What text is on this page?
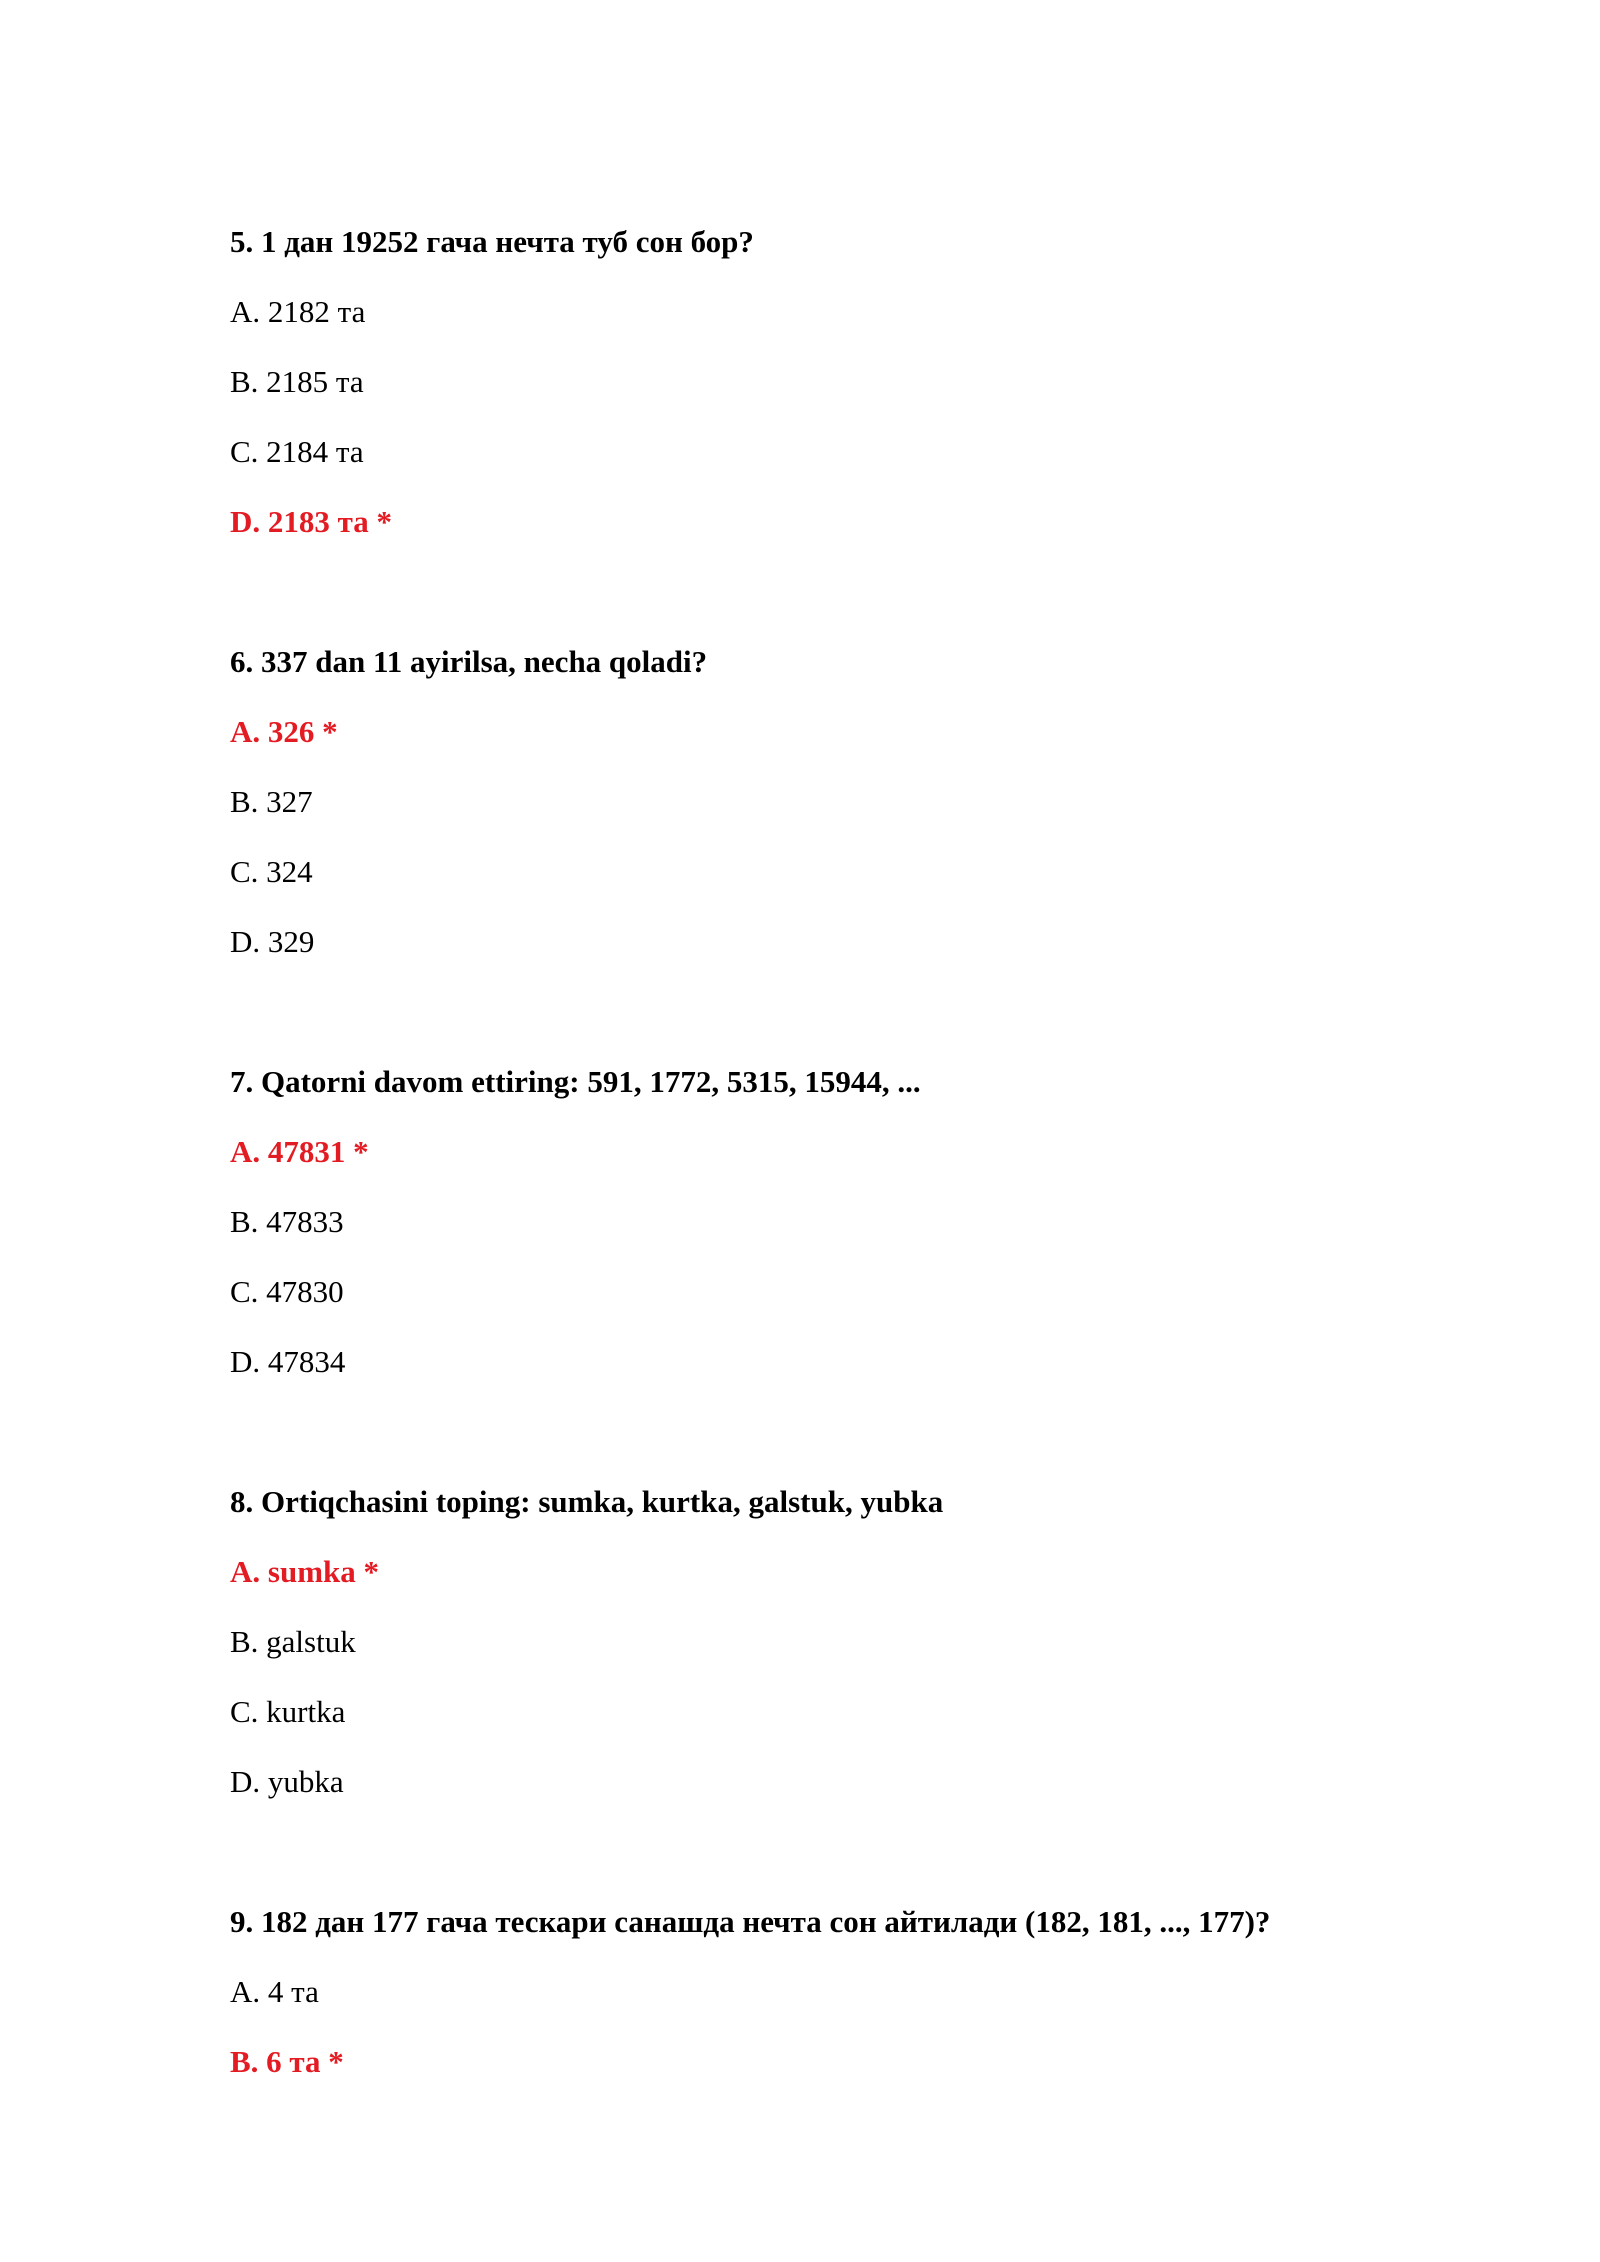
5. 1 дан 19252 гача нечта туб сон бор?
A. 2182 та
B. 2185 та
C. 2184 та
D. 2183 та *
6. 337 dan 11 ayirilsa, necha qoladi?
A. 326 *
B. 327
C. 324
D. 329
7. Qatorni davom ettiring: 591, 1772, 5315, 15944, ...
A. 47831 *
B. 47833
C. 47830
D. 47834
8. Ortiqchasini toping: sumka, kurtka, galstuk, yubka
A. sumka *
B. galstuk
C. kurtka
D. yubka
9. 182 дан 177 гача тескари санашда нечта сон айтилади (182, 181, ..., 177)?
A. 4 та
B. 6 та *
